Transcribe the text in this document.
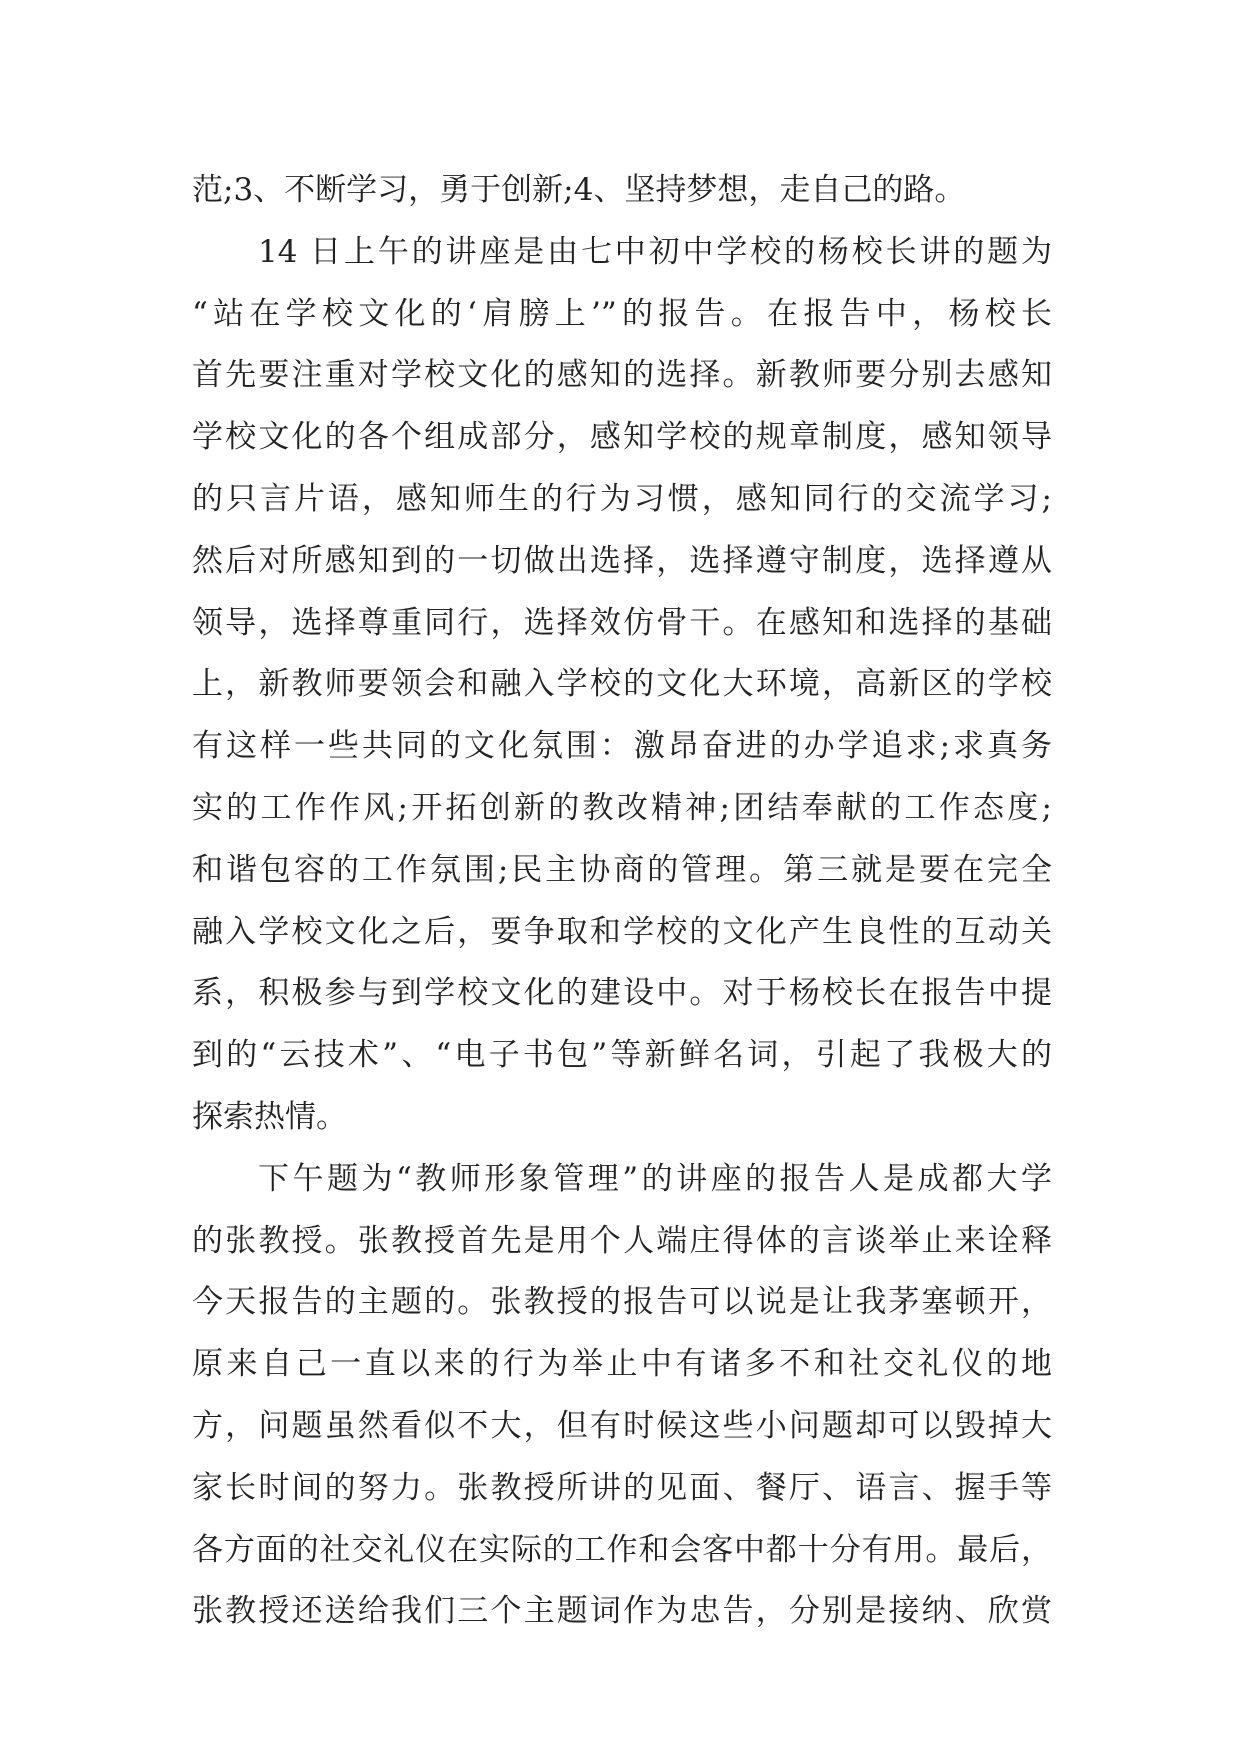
范;3、不断学习，勇于创新;4、坚持梦想，走自己的路。
14 日上午的讲座是由七中初中学校的杨校长讲的题为
“站在学校文化的‘肩膀上’”的报告。在报告中，杨校长
首先要注重对学校文化的感知的选择。新教师要分别去感知
学校文化的各个组成部分，感知学校的规章制度，感知领导
的只言片语，感知师生的行为习惯，感知同行的交流学习;
然后对所感知到的一切做出选择，选择遵守制度，选择遵从
领导，选择尊重同行，选择效仿骨干。在感知和选择的基础
上，新教师要领会和融入学校的文化大环境，高新区的学校
有这样一些共同的文化氛围：激昂奋进的办学追求;求真务
实的工作作风;开拓创新的教改精神;团结奉献的工作态度;
和谐包容的工作氛围;民主协商的管理。第三就是要在完全
融入学校文化之后，要争取和学校的文化产生良性的互动关
系，积极参与到学校文化的建设中。对于杨校长在报告中提
到的“云技术”、“电子书包”等新鲜名词，引起了我极大的
探索热情。
下午题为“教师形象管理”的讲座的报告人是成都大学
的张教授。张教授首先是用个人端庄得体的言谈举止来诠释
今天报告的主题的。张教授的报告可以说是让我茅塞顿开，
原来自己一直以来的行为举止中有诸多不和社交礼仪的地
方，问题虽然看似不大，但有时候这些小问题却可以毁掉大
家长时间的努力。张教授所讲的见面、餐厅、语言、握手等
各方面的社交礼仪在实际的工作和会客中都十分有用。最后，
张教授还送给我们三个主题词作为忠告，分别是接纳、欣赏
